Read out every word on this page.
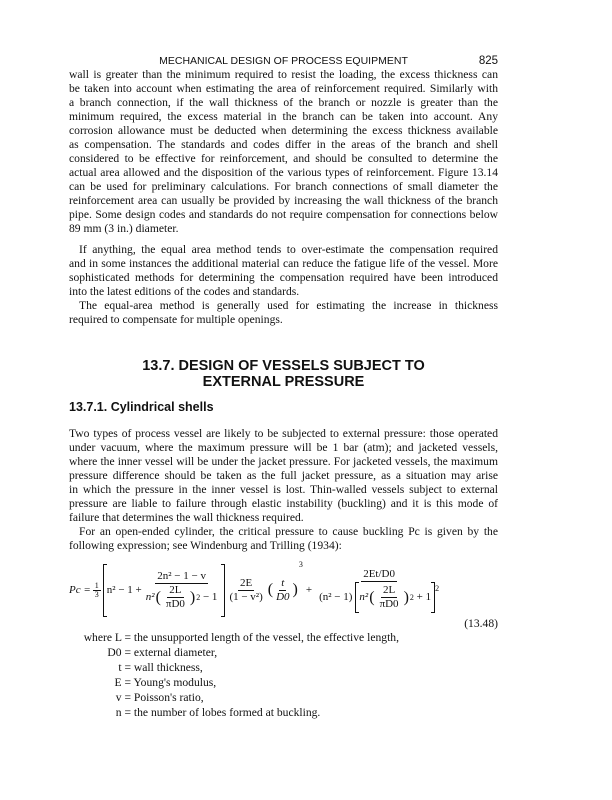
MECHANICAL DESIGN OF PROCESS EQUIPMENT	825
wall is greater than the minimum required to resist the loading, the excess thickness can
be taken into account when estimating the area of reinforcement required. Similarly with
a branch connection, if the wall thickness of the branch or nozzle is greater than the
minimum required, the excess material in the branch can be taken into account. Any
corrosion allowance must be deducted when determining the excess thickness available
as compensation. The standards and codes differ in the areas of the branch and shell
considered to be effective for reinforcement, and should be consulted to determine the
actual area allowed and the disposition of the various types of reinforcement. Figure 13.14
can be used for preliminary calculations. For branch connections of small diameter the
reinforcement area can usually be provided by increasing the wall thickness of the branch
pipe. Some design codes and standards do not require compensation for connections below
89 mm (3 in.) diameter.
If anything, the equal area method tends to over-estimate the compensation required
and in some instances the additional material can reduce the fatigue life of the vessel. More
sophisticated methods for determining the compensation required have been introduced
into the latest editions of the codes and standards.
The equal-area method is generally used for estimating the increase in thickness
required to compensate for multiple openings.
Two types of process vessel are likely to be subjected to external pressure: those operated
under vacuum, where the maximum pressure will be 1 bar (atm); and jacketed vessels,
where the inner vessel will be under the jacket pressure. For jacketed vessels, the maximum
pressure difference should be taken as the full jacket pressure, as a situation may arise
in which the pressure in the inner vessel is lost. Thin-walled vessels subject to external
pressure are liable to failure through elastic instability (buckling) and it is this mode of
failure that determines the wall thickness required.
For an open-ended cylinder, the critical pressure to cause buckling Pc is given by the
following expression; see Windenburg and Trilling (1934):
13.7. DESIGN OF VESSELS SUBJECT TO
EXTERNAL PRESSURE
13.7.1. Cylindrical shells
$Pc = \frac{1}{3} n^2 - 1$ +
2n² − 1 − v
n² ( 2L
πD0 ) 2
− 1
2E
(1 − v²) ( t
D0 )
3
+
2Et/D0
(n² − 1) n² ( 2L
πD0 ) 2
+ 1
$^2$
(13.48)
where L = the unsupported length of the vessel, the effective length,
D0 = external diameter,
t = wall thickness,
E = Young's modulus,
v = Poisson's ratio,
n = the number of lobes formed at buckling.
